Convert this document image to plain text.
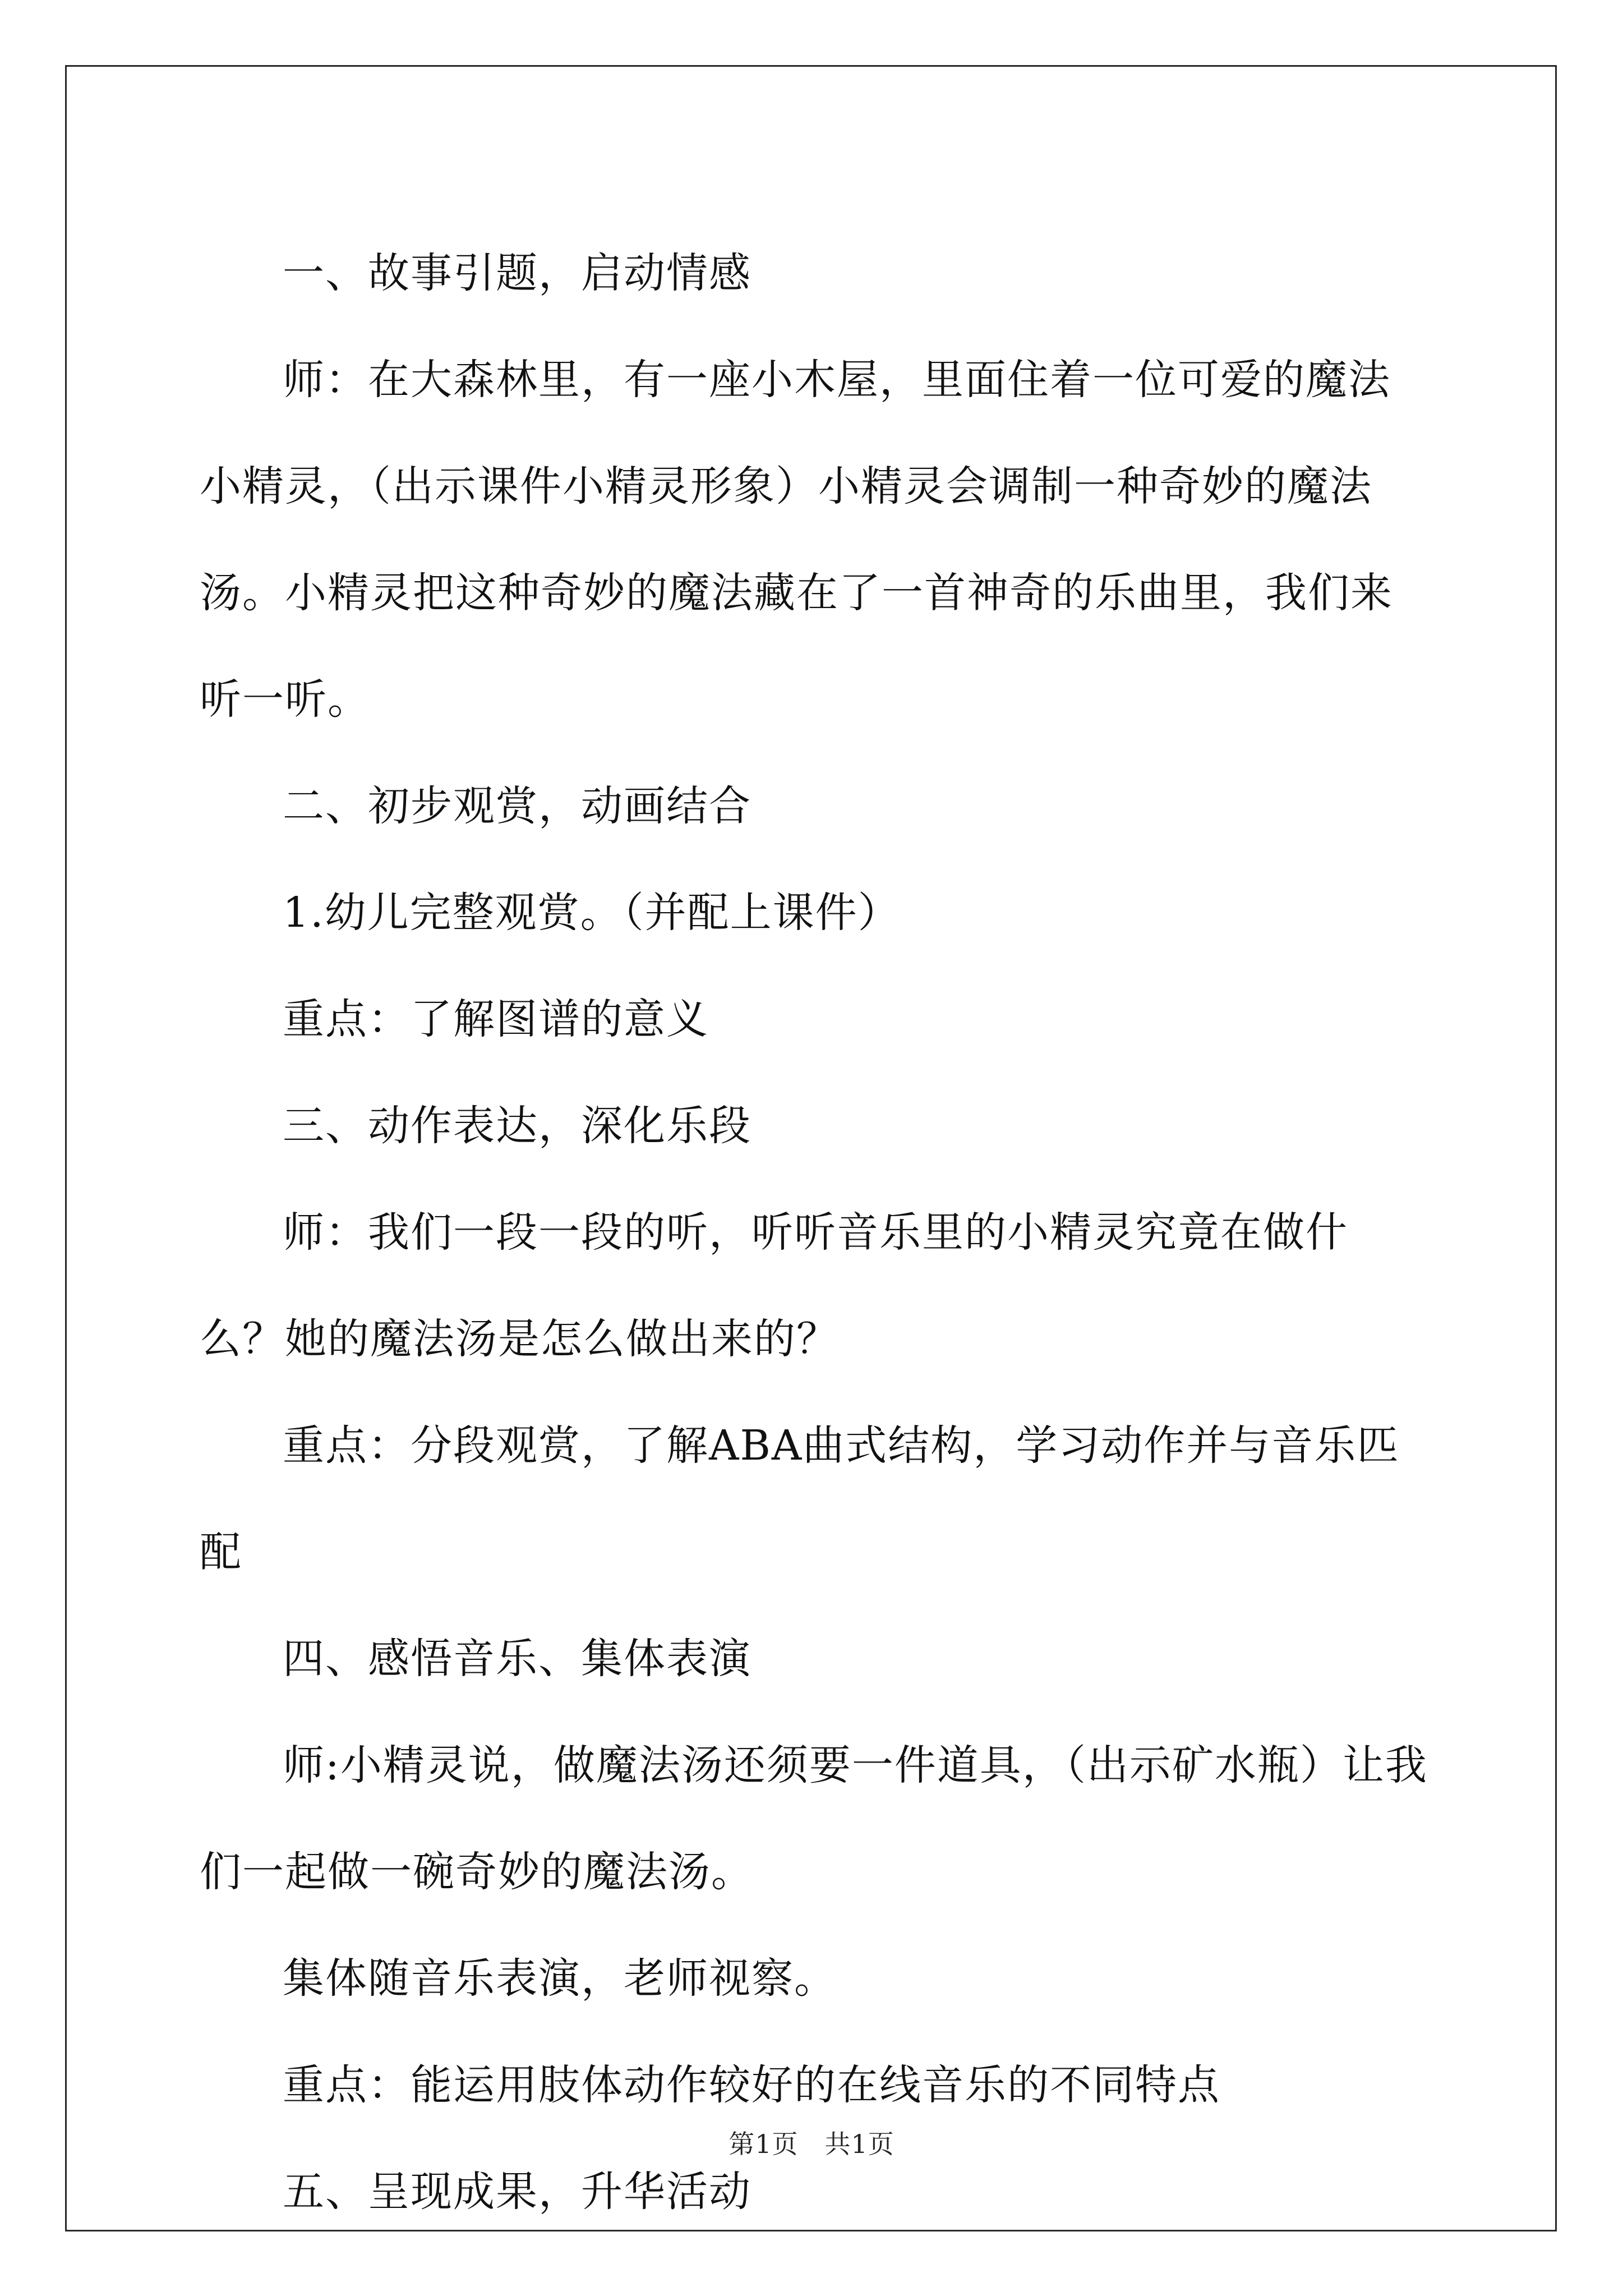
一、故事引题，启动情感

师：在大森林里，有一座小木屋，里面住着一位可爱的魔法小精灵，（出示课件小精灵形象）小精灵会调制一种奇妙的魔法汤。小精灵把这种奇妙的魔法藏在了一首神奇的乐曲里，我们来听一听。

二、初步观赏，动画结合

1.幼儿完整观赏。（并配上课件）

重点：了解图谱的意义

三、动作表达，深化乐段

师：我们一段一段的听，听听音乐里的小精灵究竟在做什么？她的魔法汤是怎么做出来的？

重点：分段观赏，了解ABA曲式结构，学习动作并与音乐匹配

四、感悟音乐、集体表演

师:小精灵说，做魔法汤还须要一件道具，（出示矿水瓶）让我们一起做一碗奇妙的魔法汤。

集体随音乐表演，老师视察。

重点：能运用肢体动作较好的在线音乐的不同特点

五、呈现成果，升华活动

第1页　共1页
